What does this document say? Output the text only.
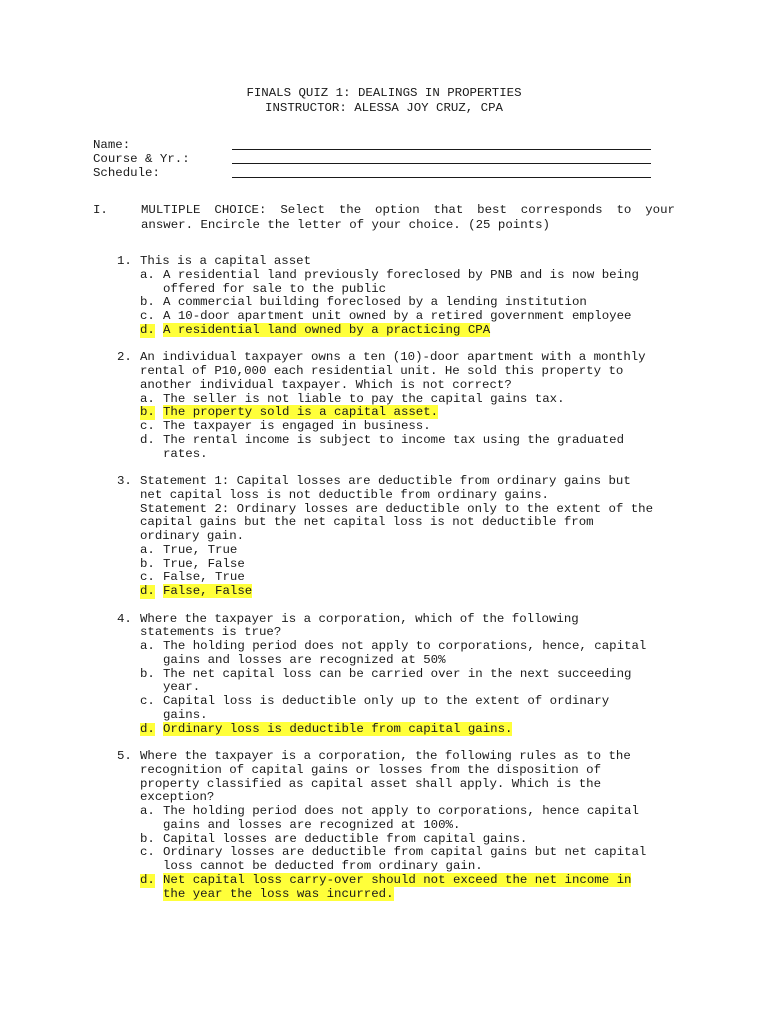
FINALS QUIZ 1: DEALINGS IN PROPERTIES
INSTRUCTOR: ALESSA JOY CRUZ, CPA
Name:
Course & Yr.:
Schedule:
I.	MULTIPLE CHOICE: Select the option that best corresponds to your answer. Encircle the letter of your choice. (25 points)
1. This is a capital asset
a. A residential land previously foreclosed by PNB and is now being
offered for sale to the public
b. A commercial building foreclosed by a lending institution
c. A 10-door apartment unit owned by a retired government employee
d. A residential land owned by a practicing CPA
2. An individual taxpayer owns a ten (10)-door apartment with a monthly
rental of P10,000 each residential unit. He sold this property to
another individual taxpayer. Which is not correct?
a. The seller is not liable to pay the capital gains tax.
b. The property sold is a capital asset.
c. The taxpayer is engaged in business.
d. The rental income is subject to income tax using the graduated
rates.
3. Statement 1: Capital losses are deductible from ordinary gains but
net capital loss is not deductible from ordinary gains.
Statement 2: Ordinary losses are deductible only to the extent of the
capital gains but the net capital loss is not deductible from
ordinary gain.
a. True, True
b. True, False
c. False, True
d. False, False
4. Where the taxpayer is a corporation, which of the following
statements is true?
a. The holding period does not apply to corporations, hence, capital
gains and losses are recognized at 50%
b. The net capital loss can be carried over in the next succeeding
year.
c. Capital loss is deductible only up to the extent of ordinary
gains.
d. Ordinary loss is deductible from capital gains.
5. Where the taxpayer is a corporation, the following rules as to the
recognition of capital gains or losses from the disposition of
property classified as capital asset shall apply. Which is the
exception?
a. The holding period does not apply to corporations, hence capital
gains and losses are recognized at 100%.
b. Capital losses are deductible from capital gains.
c. Ordinary losses are deductible from capital gains but net capital
loss cannot be deducted from ordinary gain.
d. Net capital loss carry-over should not exceed the net income in
the year the loss was incurred.
